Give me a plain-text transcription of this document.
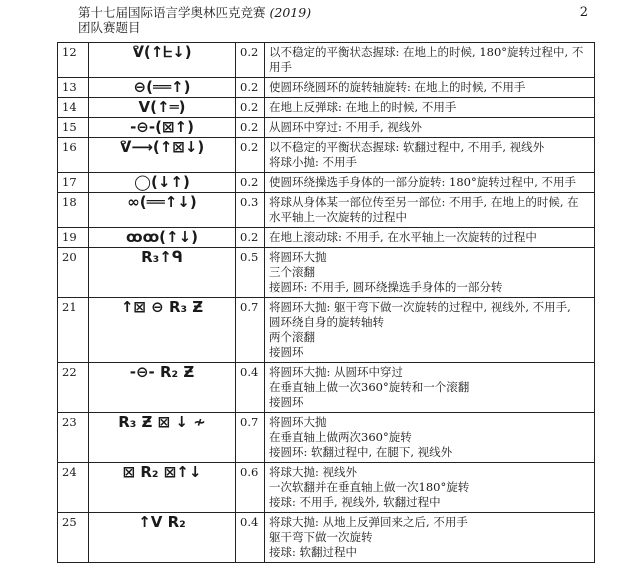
第十七届国际语言学奥林匹克竞赛 (2019)
团队赛题目
2
12	ᕓ(↑ᖶ↓)	0.2	以不稳定的平衡状态握球: 在地上的时候, 180°旋转过程中, 不
用手

13	⊖(══↑)	0.2	使圆环绕圆环的旋转轴旋转: 在地上的时候, 不用手

14	V(↑═)	0.2	在地上反弹球: 在地上的时候, 不用手

15	-⊖-(⊠↑)	0.2	从圆环中穿过: 不用手, 视线外

16	ᕓ⟶(↑⊠↓)	0.2	以不稳定的平衡状态握球: 软翻过程中, 不用手, 视线外
将球小抛: 不用手

17	◯(↓↑)	0.2	使圆环绕操选手身体的一部分旋转: 180°旋转过程中, 不用手

18	∞(══↑↓)	0.3	将球从身体某一部位传至另一部位: 不用手, 在地上的时候, 在
水平轴上一次旋转的过程中

19	ꝏꝏ(↑↓)	0.2	在地上滚动球: 不用手, 在水平轴上一次旋转的过程中

20	R₃↑ᑫ	0.5	将圆环大抛
三个滚翻
接圆环: 不用手, 圆环绕操选手身体的一部分转

21	↑⊠ ⊖ R₃ Ƶ	0.7	将圆环大抛: 躯干弯下做一次旋转的过程中, 视线外, 不用手,
圆环绕自身的旋转轴转
两个滚翻
接圆环

22	-⊖- R₂ Ƶ	0.4	将圆环大抛: 从圆环中穿过
在垂直轴上做一次360°旋转和一个滚翻
接圆环

23	R₃ Ƶ ⊠ ↓ ≁	0.7	将圆环大抛
在垂直轴上做两次360°旋转
接圆环: 软翻过程中, 在腿下, 视线外

24	⊠ R₂ ⊠↑↓	0.6	将球大抛: 视线外
一次软翻并在垂直轴上做一次180°旋转
接球: 不用手, 视线外, 软翻过程中

25	↑V R₂	0.4	将球大抛: 从地上反弹回来之后, 不用手
躯干弯下做一次旋转
接球: 软翻过程中
